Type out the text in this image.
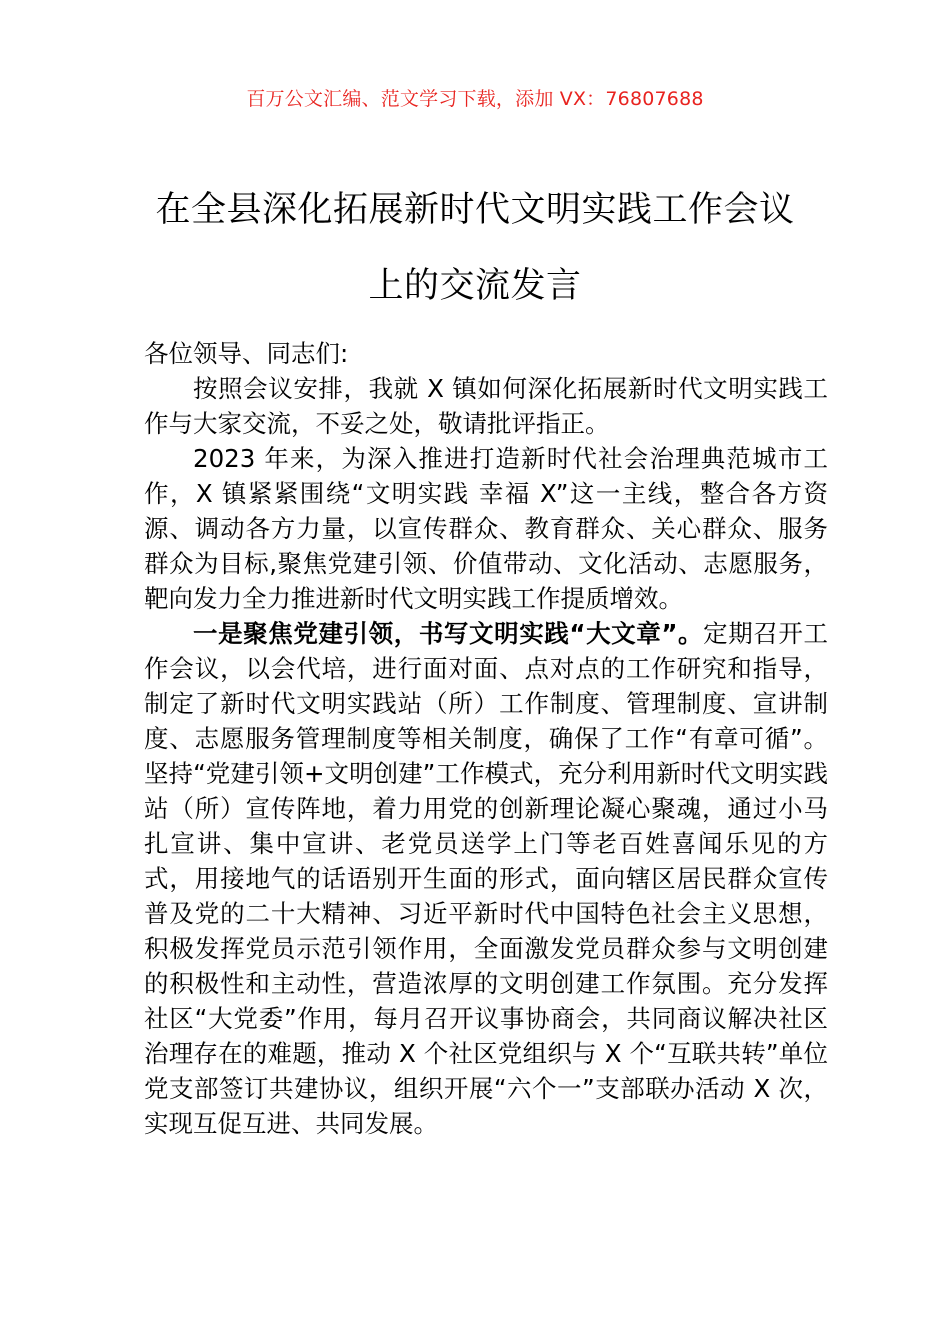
百万公文汇编、范文学习下载，添加 VX：76807688
在全县深化拓展新时代文明实践工作会议
上的交流发言

各位领导、同志们:

按照会议安排，我就 X 镇如何深化拓展新时代文明实践工作与大家交流，不妥之处，敬请批评指正。

2023 年来，为深入推进打造新时代社会治理典范城市工作，X 镇紧紧围绕“文明实践 幸福 X”这一主线，整合各方资源、调动各方力量，以宣传群众、教育群众、关心群众、服务群众为目标,聚焦党建引领、价值带动、文化活动、志愿服务，靶向发力全力推进新时代文明实践工作提质增效。

一是聚焦党建引领，书写文明实践“大文章”。定期召开工作会议，以会代培，进行面对面、点对点的工作研究和指导，制定了新时代文明实践站（所）工作制度、管理制度、宣讲制度、志愿服务管理制度等相关制度，确保了工作“有章可循”。坚持“党建引领+文明创建”工作模式，充分利用新时代文明实践站（所）宣传阵地，着力用党的创新理论凝心聚魂，通过小马扎宣讲、集中宣讲、老党员送学上门等老百姓喜闻乐见的方式，用接地气的话语别开生面的形式，面向辖区居民群众宣传普及党的二十大精神、习近平新时代中国特色社会主义思想，积极发挥党员示范引领作用，全面激发党员群众参与文明创建的积极性和主动性，营造浓厚的文明创建工作氛围。充分发挥社区“大党委”作用，每月召开议事协商会，共同商议解决社区治理存在的难题，推动 X 个社区党组织与 X 个“互联共转”单位党支部签订共建协议，组织开展“六个一”支部联办活动 X 次，实现互促互进、共同发展。
